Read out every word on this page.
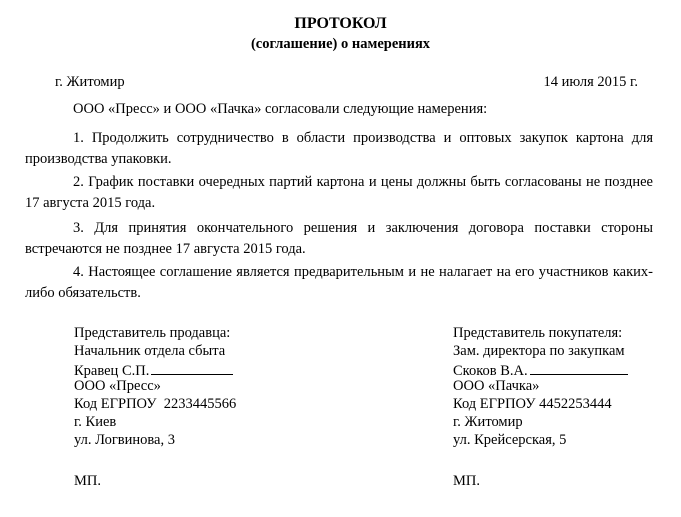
ПРОТОКОЛ
(соглашение) о намерениях
г. Житомир	14 июля 2015 г.
ООО «Пресс» и ООО «Пачка» согласовали следующие намерения:
1. Продолжить сотрудничество в области производства и оптовых закупок картона для производства упаковки.
2. График поставки очередных партий картона и цены должны быть согласованы не позднее 17 августа 2015 года.
3. Для принятия окончательного решения и заключения договора поставки стороны встречаются не позднее 17 августа 2015 года.
4. Настоящее соглашение является предварительным и не налагает на его участников каких-либо обязательств.
Представитель продавца:
Начальник отдела сбыта
Кравец С.П.
ООО «Пресс»
Код ЕГРПОУ  2233445566
г. Киев
ул. Логвинова, 3
МП.
Представитель покупателя:
Зам. директора по закупкам
Скоков В.А.
ООО «Пачка»
Код ЕГРПОУ 4452253444
г. Житомир
ул. Крейсерская, 5
МП.
